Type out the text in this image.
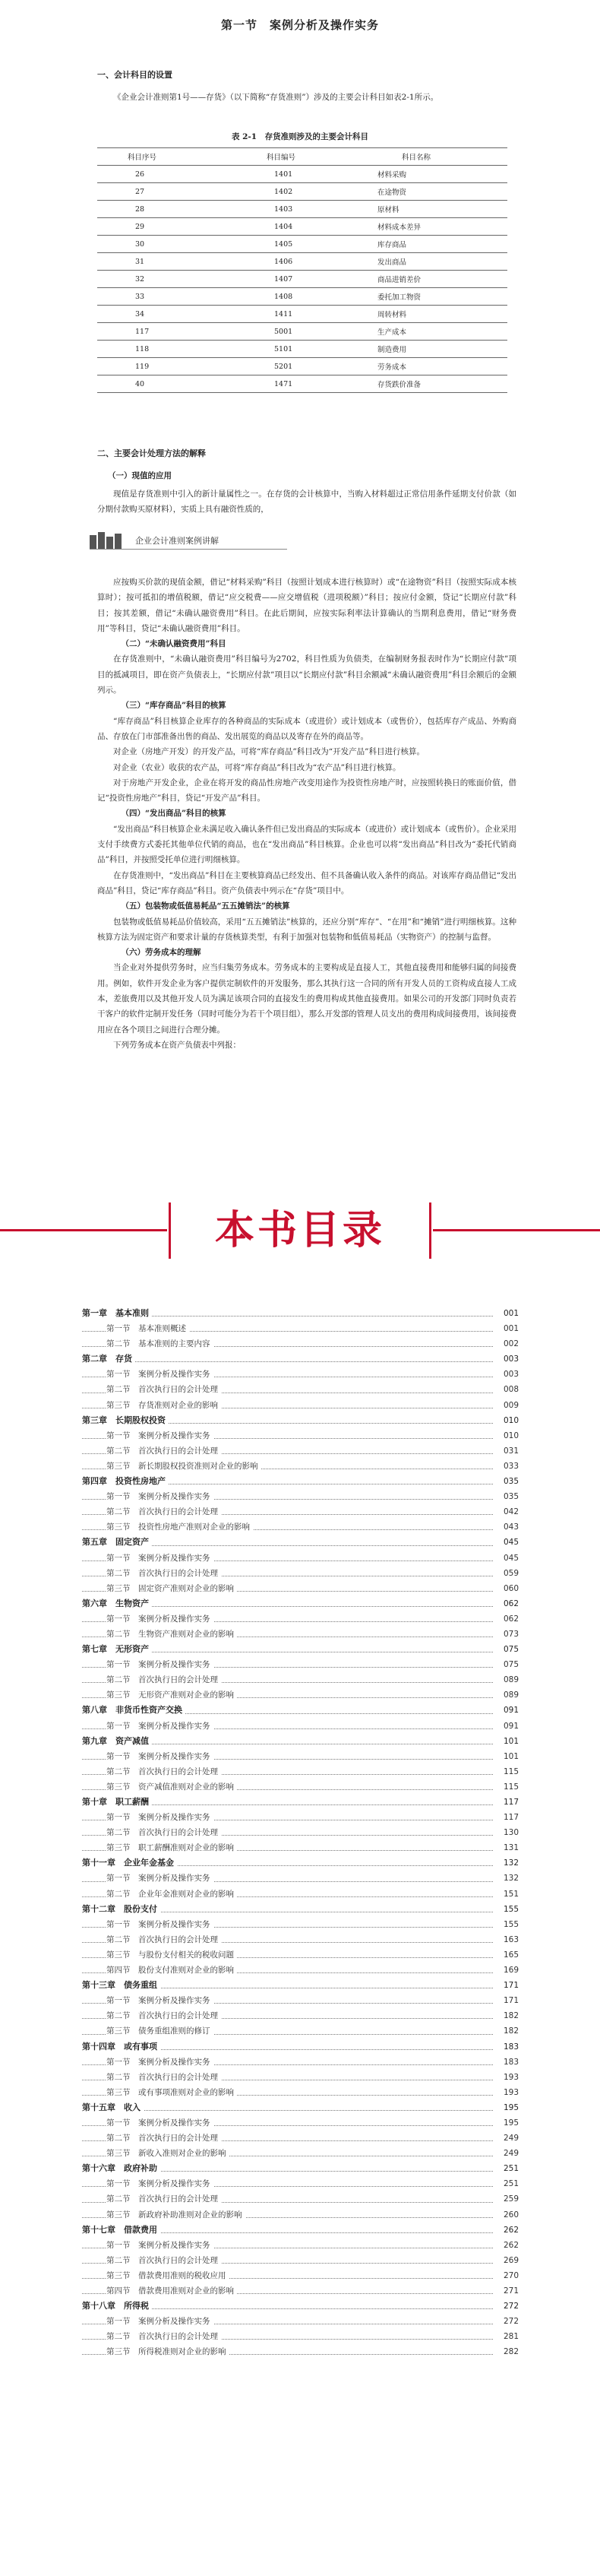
第一节　案例分析及操作实务
一、会计科目的设置
《企业会计准则第1号——存货》（以下简称“存货准则”）涉及的主要会计科目如表2-1所示。
表 2-1　存货准则涉及的主要会计科目
科目序号	科目编号	科目名称
26	1401	材料采购
27	1402	在途物资
28	1403	原材料
29	1404	材料成本差异
30	1405	库存商品
31	1406	发出商品
32	1407	商品进销差价
33	1408	委托加工物资
34	1411	周转材料
117	5001	生产成本
118	5101	制造费用
119	5201	劳务成本
40	1471	存货跌价准备
二、主要会计处理方法的解释
（一）现值的应用
现值是存货准则中引入的新计量属性之一。在存货的会计核算中，当购入材料超过正常信用条件延期支付价款（如分期付款购买原材料），实质上具有融资性质的，
企业会计准则案例讲解

应按购买价款的现值金额，借记“材料采购”科目（按照计划成本进行核算时）或“在途物资”科目（按照实际成本核算时）；按可抵扣的增值税额，借记“应交税费——应交增值税（进项税额）”科目；按应付金额，贷记“长期应付款”科目；按其差额，借记“未确认融资费用”科目。在此后期间，应按实际利率法计算确认的当期利息费用，借记“财务费用”等科目，贷记“未确认融资费用”科目。

（二）“未确认融资费用”科目

在存货准则中，“未确认融资费用”科目编号为2702，科目性质为负债类，在编制财务报表时作为“长期应付款”项目的抵减项目，即在资产负债表上，“长期应付款”项目以“长期应付款”科目余额减“未确认融资费用”科目余额后的金额列示。

（三）“库存商品”科目的核算

“库存商品”科目核算企业库存的各种商品的实际成本（或进价）或计划成本（或售价），包括库存产成品、外购商品、存放在门市部准备出售的商品、发出展览的商品以及寄存在外的商品等。

对企业（房地产开发）的开发产品，可将“库存商品”科目改为“开发产品”科目进行核算。

对企业（农业）收获的农产品，可将“库存商品”科目改为“农产品”科目进行核算。

对于房地产开发企业，企业在将开发的商品性房地产改变用途作为投资性房地产时，应按照转换日的账面价值，借记“投资性房地产”科目，贷记“开发产品”科目。

（四）“发出商品”科目的核算

“发出商品”科目核算企业未满足收入确认条件但已发出商品的实际成本（或进价）或计划成本（或售价）。企业采用支付手续费方式委托其他单位代销的商品，也在“发出商品”科目核算。企业也可以将“发出商品”科目改为“委托代销商品”科目，并按照受托单位进行明细核算。

在存货准则中，“发出商品”科目在主要核算商品已经发出、但不具备确认收入条件的商品。对该库存商品借记“发出商品”科目，贷记“库存商品”科目。资产负债表中列示在“存货”项目中。

（五）包装物或低值易耗品“五五摊销法”的核算

包装物或低值易耗品价值较高，采用“五五摊销法”核算的，还应分别“库存”、“在用”和“摊销”进行明细核算。这种核算方法为固定资产和要求计量的存货核算类型，有利于加强对包装物和低值易耗品（实物资产）的控制与监督。

（六）劳务成本的理解

当企业对外提供劳务时，应当归集劳务成本。劳务成本的主要构成是直接人工，其他直接费用和能够归属的间接费用。例如，软件开发企业为客户提供定制软件的开发服务，那么其执行这一合同的所有开发人员的工资构成直接人工成本，差旅费用以及其他开发人员为满足该项合同的直接发生的费用构成其他直接费用。如果公司的开发部门同时负责若干客户的软件定制开发任务（同时可能分为若干个项目组），那么开发部的管理人员支出的费用构成间接费用，该间接费用应在各个项目之间进行合理分摊。

下列劳务成本在资产负债表中列报：

本书目录
第一章　基本准则	001
第一节　基本准则概述	001
第二节　基本准则的主要内容	002
第二章　存货	003
第一节　案例分析及操作实务	003
第二节　首次执行日的会计处理	008
第三节　存货准则对企业的影响	009
第三章　长期股权投资	010
第一节　案例分析及操作实务	010
第二节　首次执行日的会计处理	031
第三节　新长期股权投资准则对企业的影响	033
第四章　投资性房地产	035
第一节　案例分析及操作实务	035
第二节　首次执行日的会计处理	042
第三节　投资性房地产准则对企业的影响	043
第五章　固定资产	045
第一节　案例分析及操作实务	045
第二节　首次执行日的会计处理	059
第三节　固定资产准则对企业的影响	060
第六章　生物资产	062
第一节　案例分析及操作实务	062
第二节　生物资产准则对企业的影响	073
第七章　无形资产	075
第一节　案例分析及操作实务	075
第二节　首次执行日的会计处理	089
第三节　无形资产准则对企业的影响	089
第八章　非货币性资产交换	091
第一节　案例分析及操作实务	091
第九章　资产减值	101
第一节　案例分析及操作实务	101
第二节　首次执行日的会计处理	115
第三节　资产减值准则对企业的影响	115
第十章　职工薪酬	117
第一节　案例分析及操作实务	117
第二节　首次执行日的会计处理	130
第三节　职工薪酬准则对企业的影响	131
第十一章　企业年金基金	132
第一节　案例分析及操作实务	132
第二节　企业年金准则对企业的影响	151
第十二章　股份支付	155
第一节　案例分析及操作实务	155
第二节　首次执行日的会计处理	163
第三节　与股份支付相关的税收问题	165
第四节　股份支付准则对企业的影响	169
第十三章　债务重组	171
第一节　案例分析及操作实务	171
第二节　首次执行日的会计处理	182
第三节　债务重组准则的修订	182
第十四章　或有事项	183
第一节　案例分析及操作实务	183
第二节　首次执行日的会计处理	193
第三节　或有事项准则对企业的影响	193
第十五章　收入	195
第一节　案例分析及操作实务	195
第二节　首次执行日的会计处理	249
第三节　新收入准则对企业的影响	249
第十六章　政府补助	251
第一节　案例分析及操作实务	251
第二节　首次执行日的会计处理	259
第三节　新政府补助准则对企业的影响	260
第十七章　借款费用	262
第一节　案例分析及操作实务	262
第二节　首次执行日的会计处理	269
第三节　借款费用准则的税收应用	270
第四节　借款费用准则对企业的影响	271
第十八章　所得税	272
第一节　案例分析及操作实务	272
第二节　首次执行日的会计处理	281
第三节　所得税准则对企业的影响	282
